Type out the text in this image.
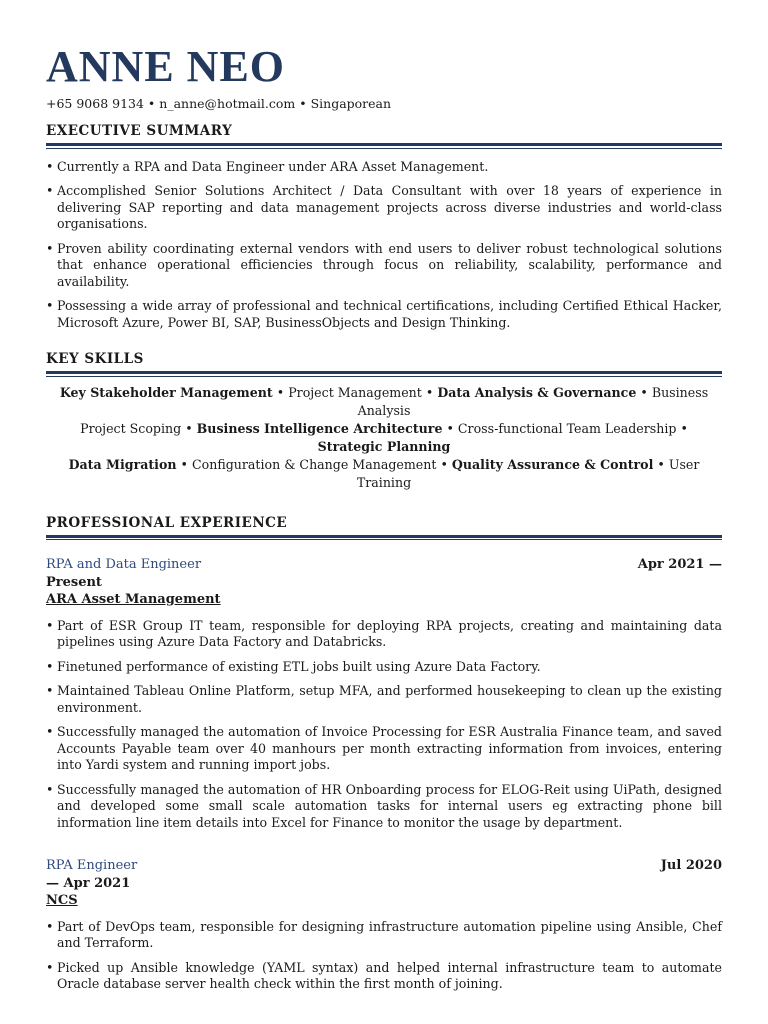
ANNE NEO
+65 9068 9134 • n_anne@hotmail.com • Singaporean
EXECUTIVE SUMMARY
• Currently a RPA and Data Engineer under ARA Asset Management.
• Accomplished Senior Solutions Architect / Data Consultant with over 18 years of experience in delivering SAP reporting and data management projects across diverse industries and world-class organisations.
• Proven ability coordinating external vendors with end users to deliver robust technological solutions that enhance operational efficiencies through focus on reliability, scalability, performance and availability.
• Possessing a wide array of professional and technical certifications, including Certified Ethical Hacker, Microsoft Azure, Power BI, SAP, BusinessObjects and Design Thinking.
KEY SKILLS
Key Stakeholder Management • Project Management • Data Analysis & Governance • Business Analysis
Project Scoping • Business Intelligence Architecture • Cross-functional Team Leadership • Strategic Planning
Data Migration • Configuration & Change Management • Quality Assurance & Control • User Training
PROFESSIONAL EXPERIENCE
RPA and Data Engineer	Apr 2021 —
Present
ARA Asset Management
• Part of ESR Group IT team, responsible for deploying RPA projects, creating and maintaining data pipelines using Azure Data Factory and Databricks.
• Finetuned performance of existing ETL jobs built using Azure Data Factory.
• Maintained Tableau Online Platform, setup MFA, and performed housekeeping to clean up the existing environment.
• Successfully managed the automation of Invoice Processing for ESR Australia Finance team, and saved Accounts Payable team over 40 manhours per month extracting information from invoices, entering into Yardi system and running import jobs.
• Successfully managed the automation of HR Onboarding process for ELOG-Reit using UiPath, designed and developed some small scale automation tasks for internal users eg extracting phone bill information line item details into Excel for Finance to monitor the usage by department.
RPA Engineer	Jul 2020
— Apr 2021
NCS
• Part of DevOps team, responsible for designing infrastructure automation pipeline using Ansible, Chef and Terraform.
• Picked up Ansible knowledge (YAML syntax) and helped internal infrastructure team to automate Oracle database server health check within the first month of joining.
